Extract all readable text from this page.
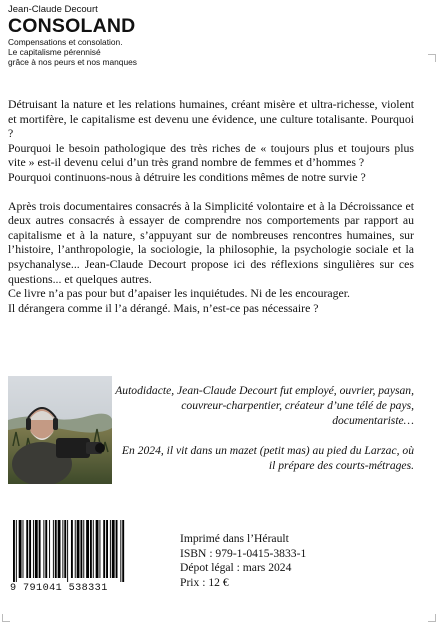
Jean-Claude Decourt
CONSOLAND
Compensations et consolation.
Le capitalisme pérennisé
grâce à nos peurs et nos manques

Détruisant la nature et les relations humaines, créant misère et ultra-richesse, violent et mortifère, le capitalisme est devenu une évidence, une culture totalisante. Pourquoi ?

Pourquoi le besoin pathologique des très riches de « toujours plus et toujours plus vite » est-il devenu celui d’un très grand nombre de femmes et d’hommes ?

Pourquoi continuons-nous à détruire les conditions mêmes de notre survie ?

Après trois documentaires consacrés à la Simplicité volontaire et à la Décroissance et deux autres consacrés à essayer de comprendre nos comportements par rapport au capitalisme et à la nature, s’appuyant sur de nombreuses rencontres humaines, sur l’histoire, l’anthropologie, la sociologie, la philosophie, la psychologie sociale et la psychanalyse... Jean-Claude Decourt propose ici des réflexions singulières sur ces questions... et quelques autres.

Ce livre n’a pas pour but d’apaiser les inquiétudes. Ni de les encourager.

Il dérangera comme il l’a dérangé. Mais, n’est-ce pas nécessaire ?

Autodidacte, Jean-Claude Decourt fut employé, ouvrier, paysan, couvreur-charpentier, créateur d’une télé de pays, documentariste…

En 2024, il vit dans un mazet (petit mas) au pied du Larzac, où il prépare des courts-métrages.

9 791041 538331
Imprimé dans l’Hérault
ISBN : 979-1-0415-3833-1
Dépot légal : mars 2024
Prix : 12 €
